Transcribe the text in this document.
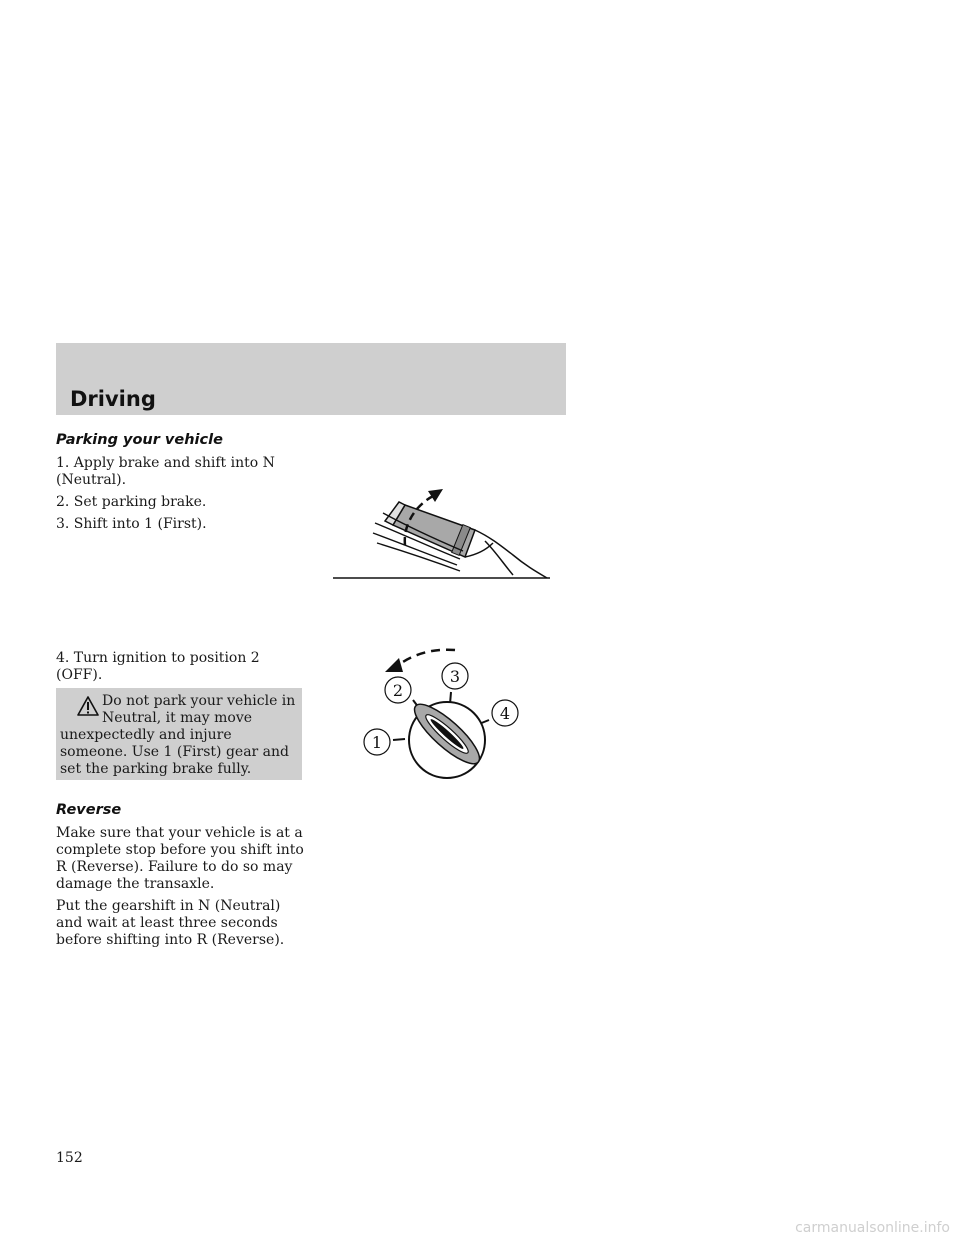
Driving
Parking your vehicle

1. Apply brake and shift into N (Neutral).

2. Set parking brake.

3. Shift into 1 (First).

4. Turn ignition to position 2 (OFF).

Do not park your vehicle in Neutral, it may move

unexpectedly and injure someone. Use 1 (First) gear and set the parking brake fully.

Reverse

Make sure that your vehicle is at a complete stop before you shift into R (Reverse). Failure to do so may damage the transaxle.

Put the gearshift in N (Neutral) and wait at least three seconds before shifting into R (Reverse).

2
3
4
1

152

carmanualsonline.info
